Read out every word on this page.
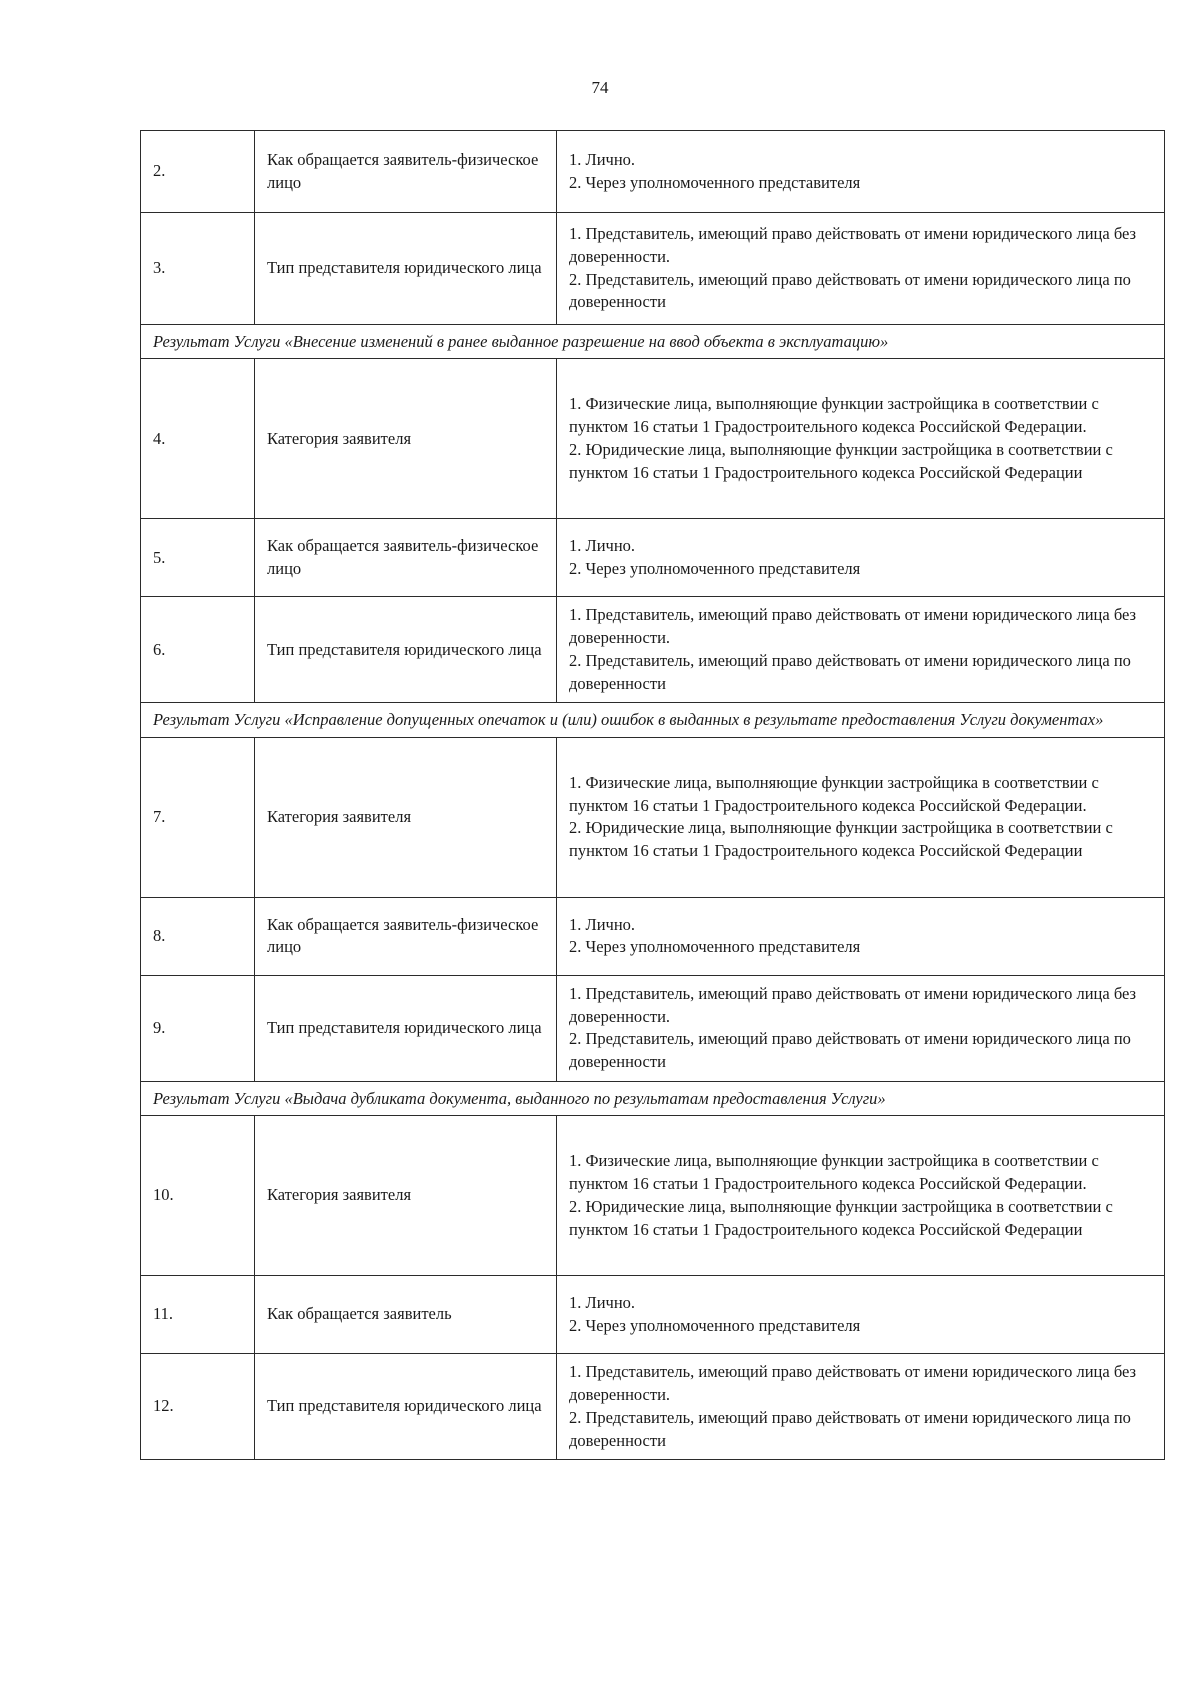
74
2.	Как обращается заявитель-физическое лицо	1. Лично.
2. Через уполномоченного представителя

3.	Тип представителя юридического лица	1. Представитель, имеющий право действовать от имени юридического лица без доверенности.
2. Представитель, имеющий право действовать от имени юридического лица по доверенности

Результат Услуги «Внесение изменений в ранее выданное разрешение на ввод объекта в эксплуатацию»		
4.	Категория заявителя	1. Физические лица, выполняющие функции застройщика в соответствии с пунктом 16 статьи 1 Градостроительного кодекса Российской Федерации.
2. Юридические лица, выполняющие функции застройщика в соответствии с пунктом 16 статьи 1 Градостроительного кодекса Российской Федерации

5.	Как обращается заявитель-физическое лицо	1. Лично.
2. Через уполномоченного представителя

6.	Тип представителя юридического лица	1. Представитель, имеющий право действовать от имени юридического лица без доверенности.
2. Представитель, имеющий право действовать от имени юридического лица по доверенности

Результат Услуги «Исправление допущенных опечаток и (или) ошибок в выданных в результате предоставления Услуги документах»		
7.	Категория заявителя	1. Физические лица, выполняющие функции застройщика в соответствии с пунктом 16 статьи 1 Градостроительного кодекса Российской Федерации.
2. Юридические лица, выполняющие функции застройщика в соответствии с пунктом 16 статьи 1 Градостроительного кодекса Российской Федерации

8.	Как обращается заявитель-физическое лицо	1. Лично.
2. Через уполномоченного представителя

9.	Тип представителя юридического лица	1. Представитель, имеющий право действовать от имени юридического лица без доверенности.
2. Представитель, имеющий право действовать от имени юридического лица по доверенности

Результат Услуги «Выдача дубликата документа, выданного по результатам предоставления Услуги»		
10.	Категория заявителя	1. Физические лица, выполняющие функции застройщика в соответствии с пунктом 16 статьи 1 Градостроительного кодекса Российской Федерации.
2. Юридические лица, выполняющие функции застройщика в соответствии с пунктом 16 статьи 1 Градостроительного кодекса Российской Федерации

11.	Как обращается заявитель	1. Лично.
2. Через уполномоченного представителя

12.	Тип представителя юридического лица	1. Представитель, имеющий право действовать от имени юридического лица без доверенности.
2. Представитель, имеющий право действовать от имени юридического лица по доверенности
